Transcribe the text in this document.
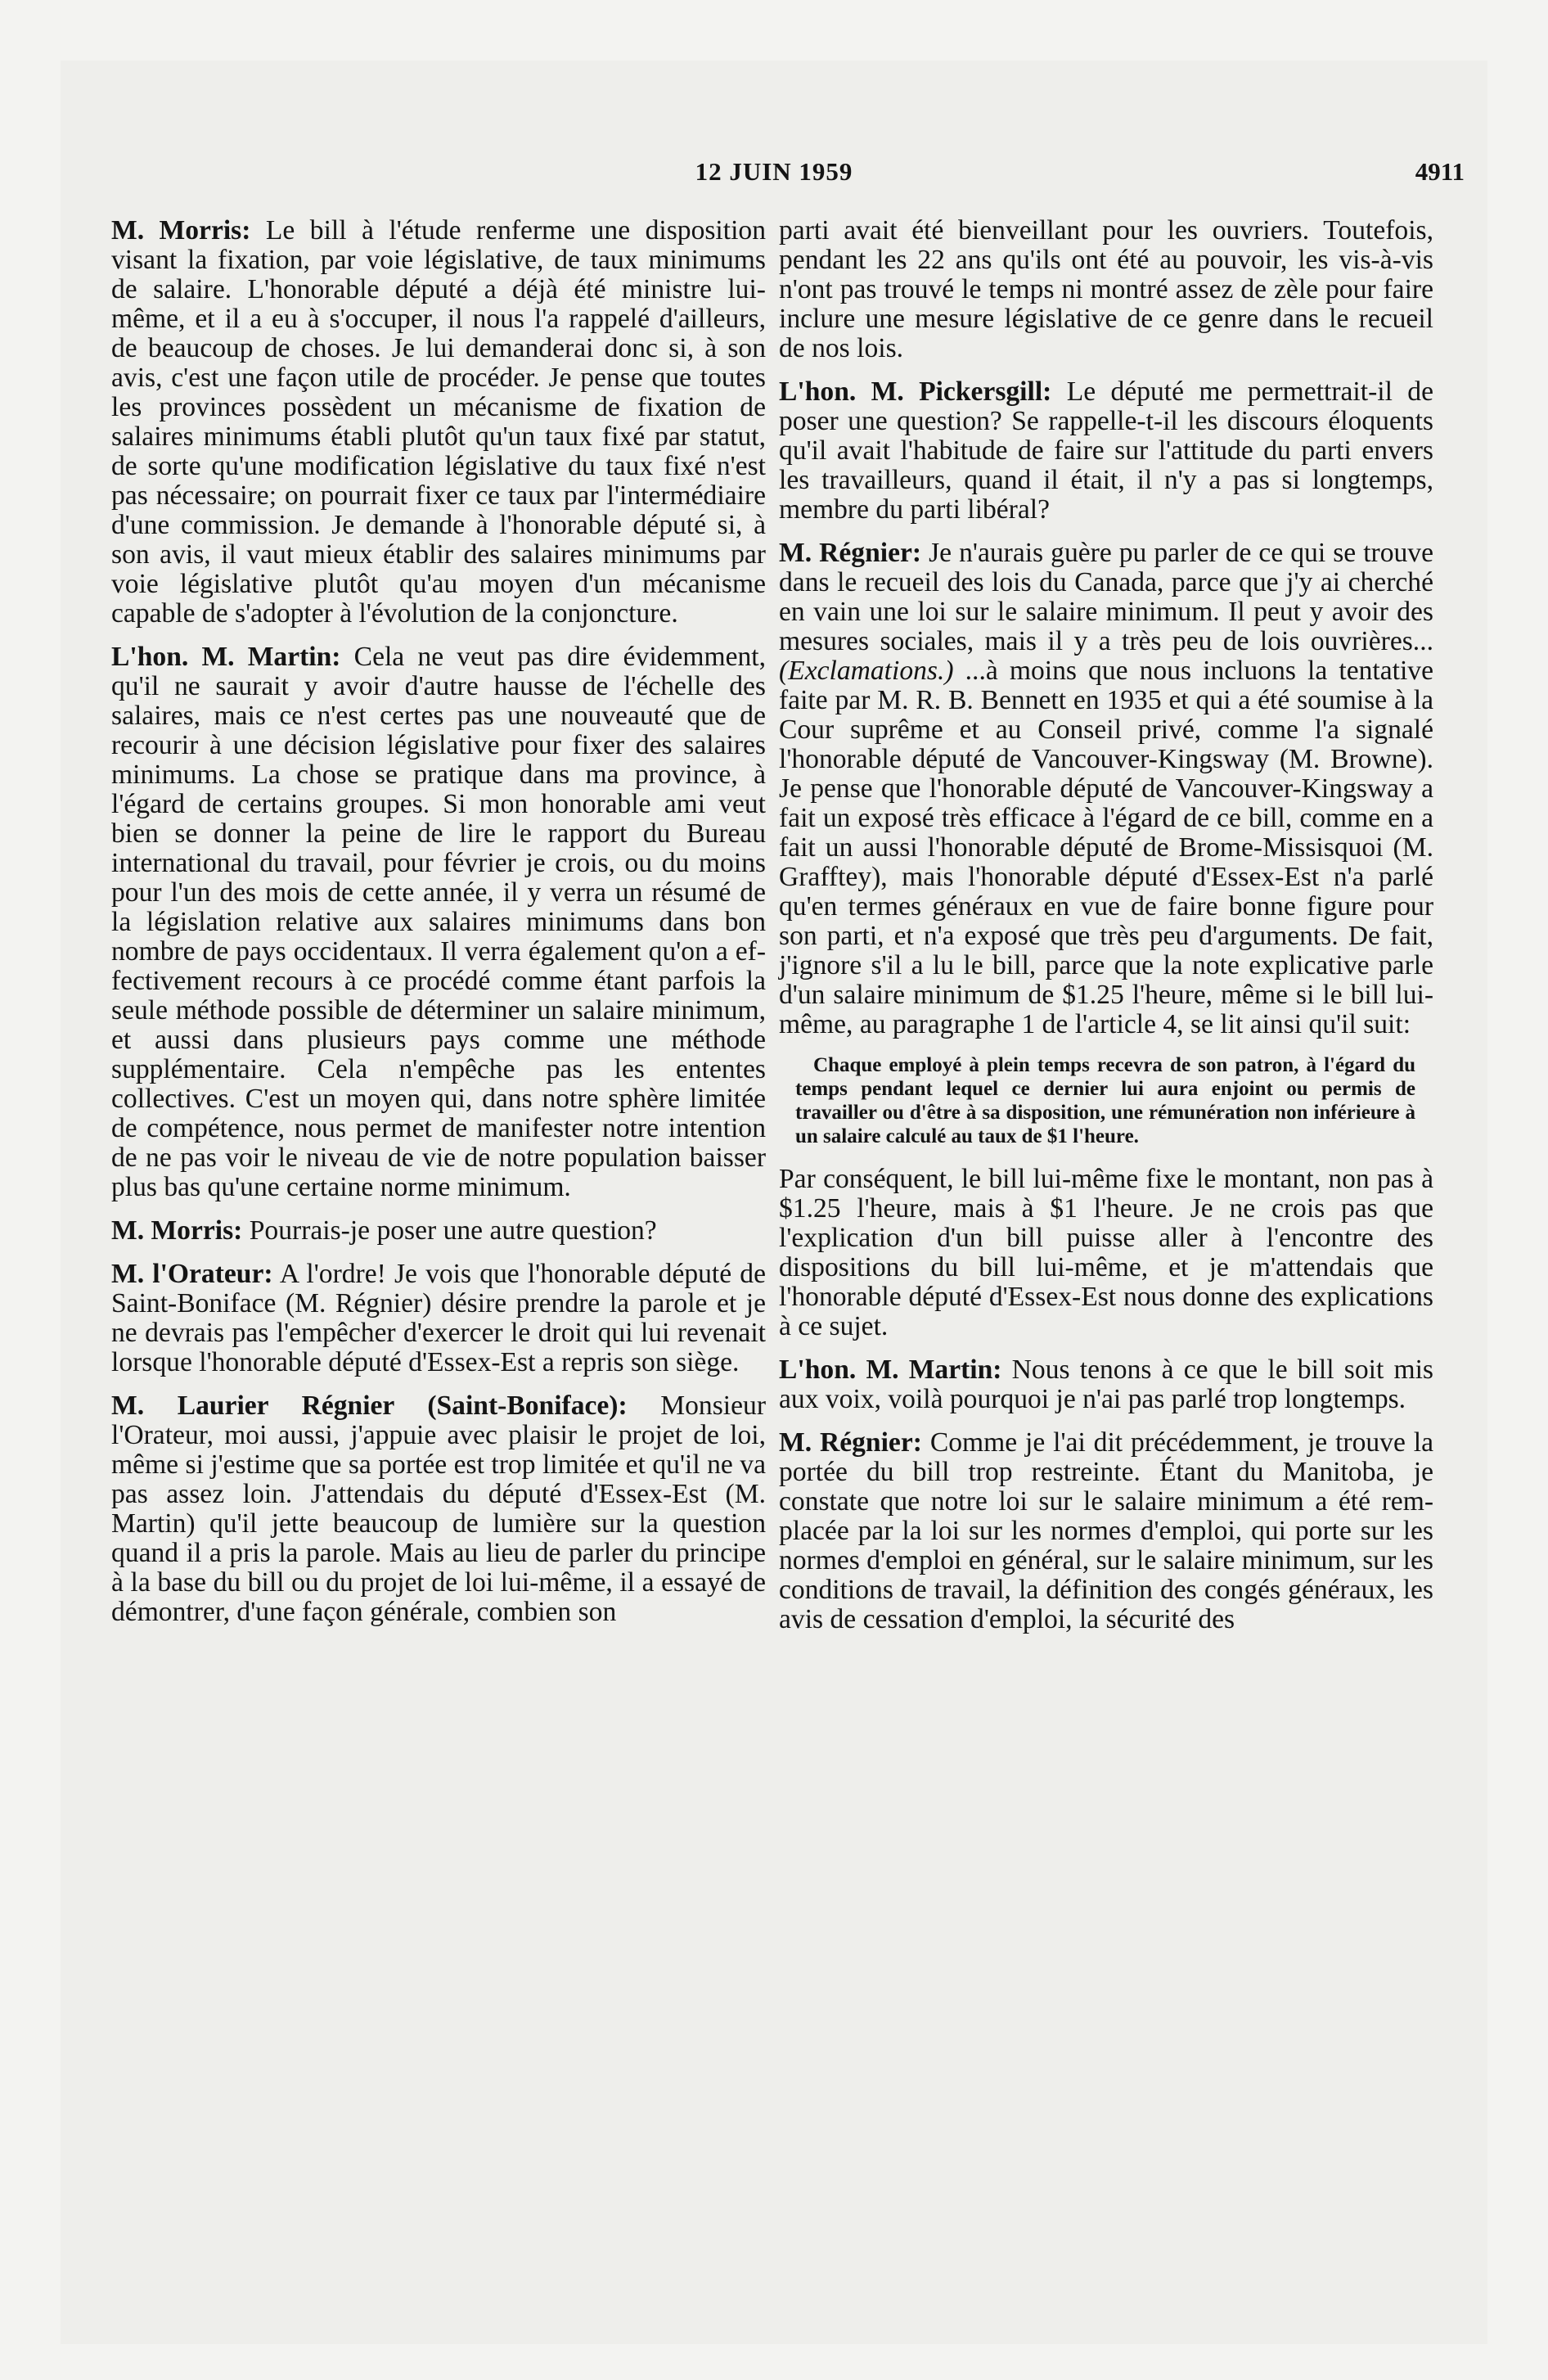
12 JUIN 1959	4911

M. Morris: Le bill à l'étude renferme une disposition visant la fixation, par voie législative, de taux minimums de salaire. L'honorable député a déjà été ministre lui-même, et il a eu à s'occuper, il nous l'a rappelé d'ailleurs, de beaucoup de choses. Je lui demanderai donc si, à son avis, c'est une façon utile de procéder. Je pense que toutes les provinces possèdent un mécanisme de fixation de salaires minimums établi plutôt qu'un taux fixé par statut, de sorte qu'une modification législative du taux fixé n'est pas nécessaire; on pourrait fixer ce taux par l'intermédiaire d'une commission. Je demande à l'honorable député si, à son avis, il vaut mieux établir des salaires minimums par voie législative plutôt qu'au moyen d'un mécanisme capable de s'adopter à l'évolution de la conjoncture.

L'hon. M. Martin: Cela ne veut pas dire évidemment, qu'il ne saurait y avoir d'autre hausse de l'échelle des salaires, mais ce n'est certes pas une nouveauté que de recourir à une décision législative pour fixer des salaires minimums. La chose se pratique dans ma province, à l'égard de certains groupes. Si mon honorable ami veut bien se donner la peine de lire le rapport du Bureau international du travail, pour février je crois, ou du moins pour l'un des mois de cette année, il y verra un résumé de la législation relative aux salaires minimums dans bon nombre de pays occidentaux. Il verra également qu'on a effectivement recours à ce procédé comme étant parfois la seule méthode possible de déterminer un salaire minimum, et aussi dans plusieurs pays comme une méthode supplémentaire. Cela n'empêche pas les ententes collectives. C'est un moyen qui, dans notre sphère limitée de compétence, nous permet de manifester notre intention de ne pas voir le niveau de vie de notre population baisser plus bas qu'une certaine norme minimum.

M. Morris: Pourrais-je poser une autre question?

M. l'Orateur: A l'ordre! Je vois que l'honorable député de Saint-Boniface (M. Régnier) désire prendre la parole et je ne devrais pas l'empêcher d'exercer le droit qui lui revenait lorsque l'honorable député d'Essex-Est a repris son siège.

M. Laurier Régnier (Saint-Boniface): Monsieur l'Orateur, moi aussi, j'appuie avec plaisir le projet de loi, même si j'estime que sa portée est trop limitée et qu'il ne va pas assez loin. J'attendais du député d'Essex-Est (M. Martin) qu'il jette beaucoup de lumière sur la question quand il a pris la parole. Mais au lieu de parler du principe à la base du bill ou du projet de loi lui-même, il a essayé de démontrer, d'une façon générale, combien son

parti avait été bienveillant pour les ouvriers. Toutefois, pendant les 22 ans qu'ils ont été au pouvoir, les vis-à-vis n'ont pas trouvé le temps ni montré assez de zèle pour faire inclure une mesure législative de ce genre dans le recueil de nos lois.

L'hon. M. Pickersgill: Le député me permettrait-il de poser une question? Se rappelle-t-il les discours éloquents qu'il avait l'habitude de faire sur l'attitude du parti envers les travailleurs, quand il était, il n'y a pas si longtemps, membre du parti libéral?

M. Régnier: Je n'aurais guère pu parler de ce qui se trouve dans le recueil des lois du Canada, parce que j'y ai cherché en vain une loi sur le salaire minimum. Il peut y avoir des mesures sociales, mais il y a très peu de lois ouvrières... (Exclamations.) ...à moins que nous incluons la tentative faite par M. R. B. Bennett en 1935 et qui a été soumise à la Cour suprême et au Conseil privé, comme l'a signalé l'honorable député de Vancouver-Kingsway (M. Browne). Je pense que l'honorable député de Vancouver-Kingsway a fait un exposé très efficace à l'égard de ce bill, comme en a fait un aussi l'honorable député de Brome-Missisquoi (M. Grafftey), mais l'honorable député d'Essex-Est n'a parlé qu'en termes généraux en vue de faire bonne figure pour son parti, et n'a exposé que très peu d'arguments. De fait, j'ignore s'il a lu le bill, parce que la note explicative parle d'un salaire minimum de $1.25 l'heure, même si le bill lui-même, au paragraphe 1 de l'article 4, se lit ainsi qu'il suit:

Chaque employé à plein temps recevra de son patron, à l'égard du temps pendant lequel ce dernier lui aura enjoint ou permis de travailler ou d'être à sa disposition, une rémunération non inférieure à un salaire calculé au taux de $1 l'heure.

Par conséquent, le bill lui-même fixe le montant, non pas à $1.25 l'heure, mais à $1 l'heure. Je ne crois pas que l'explication d'un bill puisse aller à l'encontre des dispositions du bill lui-même, et je m'attendais que l'honorable député d'Essex-Est nous donne des explications à ce sujet.

L'hon. M. Martin: Nous tenons à ce que le bill soit mis aux voix, voilà pourquoi je n'ai pas parlé trop longtemps.

M. Régnier: Comme je l'ai dit précédemment, je trouve la portée du bill trop restreinte. Étant du Manitoba, je constate que notre loi sur le salaire minimum a été remplacée par la loi sur les normes d'emploi, qui porte sur les normes d'emploi en général, sur le salaire minimum, sur les conditions de travail, la définition des congés généraux, les avis de cessation d'emploi, la sécurité des
